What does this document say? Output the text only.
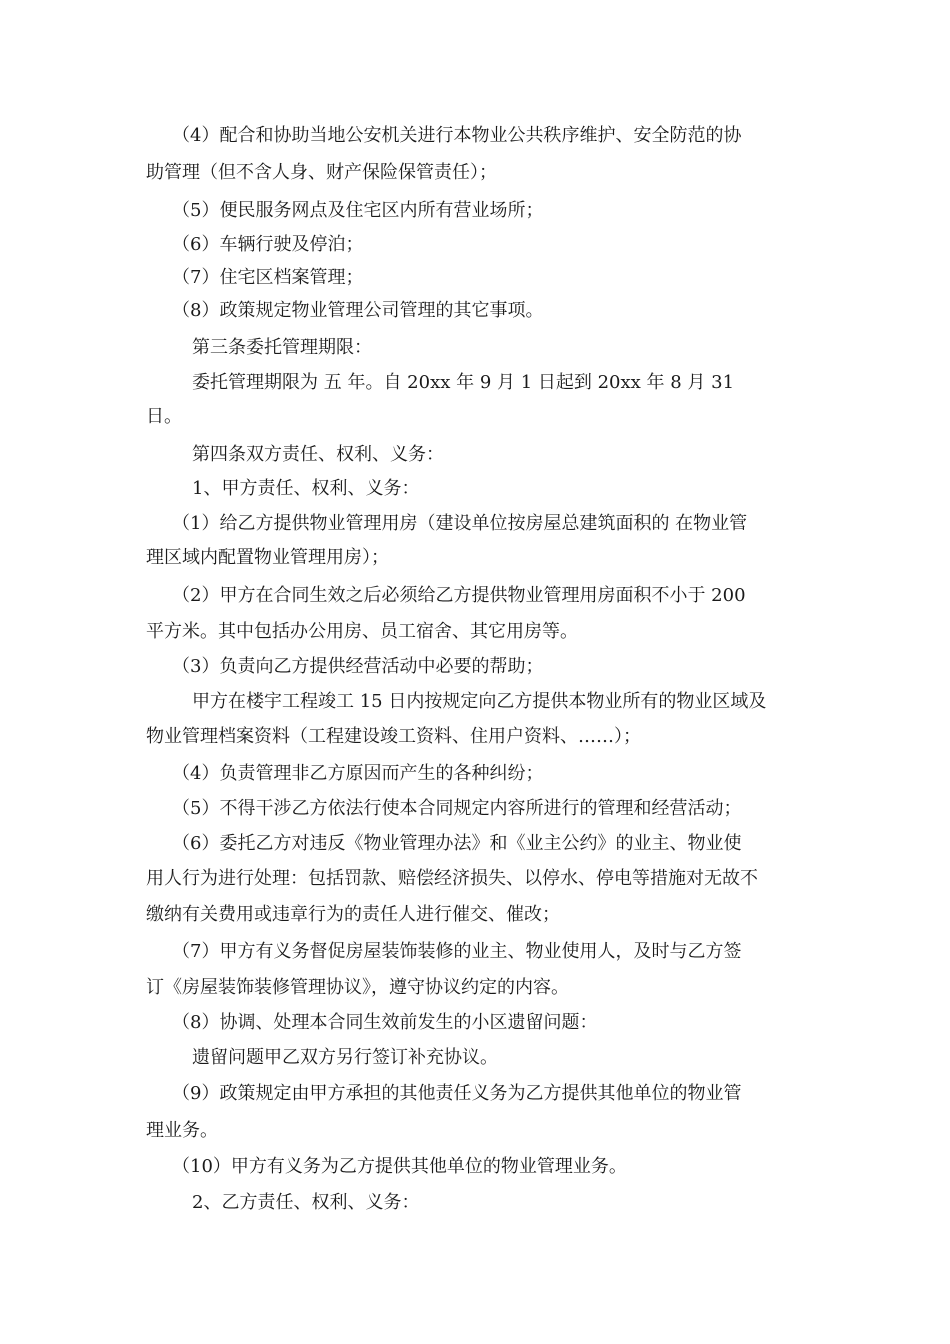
（4）配合和协助当地公安机关进行本物业公共秩序维护、安全防范的协
助管理（但不含人身、财产保险保管责任）；
（5）便民服务网点及住宅区内所有营业场所；
（6）车辆行驶及停泊；
（7）住宅区档案管理；
（8）政策规定物业管理公司管理的其它事项。
第三条委托管理期限：
委托管理期限为 五 年。自 20xx 年 9 月 1 日起到 20xx 年 8 月 31
日。
第四条双方责任、权利、义务：
1、甲方责任、权利、义务：
（1）给乙方提供物业管理用房（建设单位按房屋总建筑面积的 在物业管
理区域内配置物业管理用房）；
（2）甲方在合同生效之后必须给乙方提供物业管理用房面积不小于 200
平方米。其中包括办公用房、员工宿舍、其它用房等。
（3）负责向乙方提供经营活动中必要的帮助；
甲方在楼宇工程竣工 15 日内按规定向乙方提供本物业所有的物业区域及
物业管理档案资料（工程建设竣工资料、住用户资料、……）；
（4）负责管理非乙方原因而产生的各种纠纷；
（5）不得干涉乙方依法行使本合同规定内容所进行的管理和经营活动；
（6）委托乙方对违反《物业管理办法》和《业主公约》的业主、物业使
用人行为进行处理：包括罚款、赔偿经济损失、以停水、停电等措施对无故不
缴纳有关费用或违章行为的责任人进行催交、催改；
（7）甲方有义务督促房屋装饰装修的业主、物业使用人，及时与乙方签
订《房屋装饰装修管理协议》，遵守协议约定的内容。
（8）协调、处理本合同生效前发生的小区遗留问题：
遗留问题甲乙双方另行签订补充协议。
（9）政策规定由甲方承担的其他责任义务为乙方提供其他单位的物业管
理业务。
（10）甲方有义务为乙方提供其他单位的物业管理业务。
2、乙方责任、权利、义务：
